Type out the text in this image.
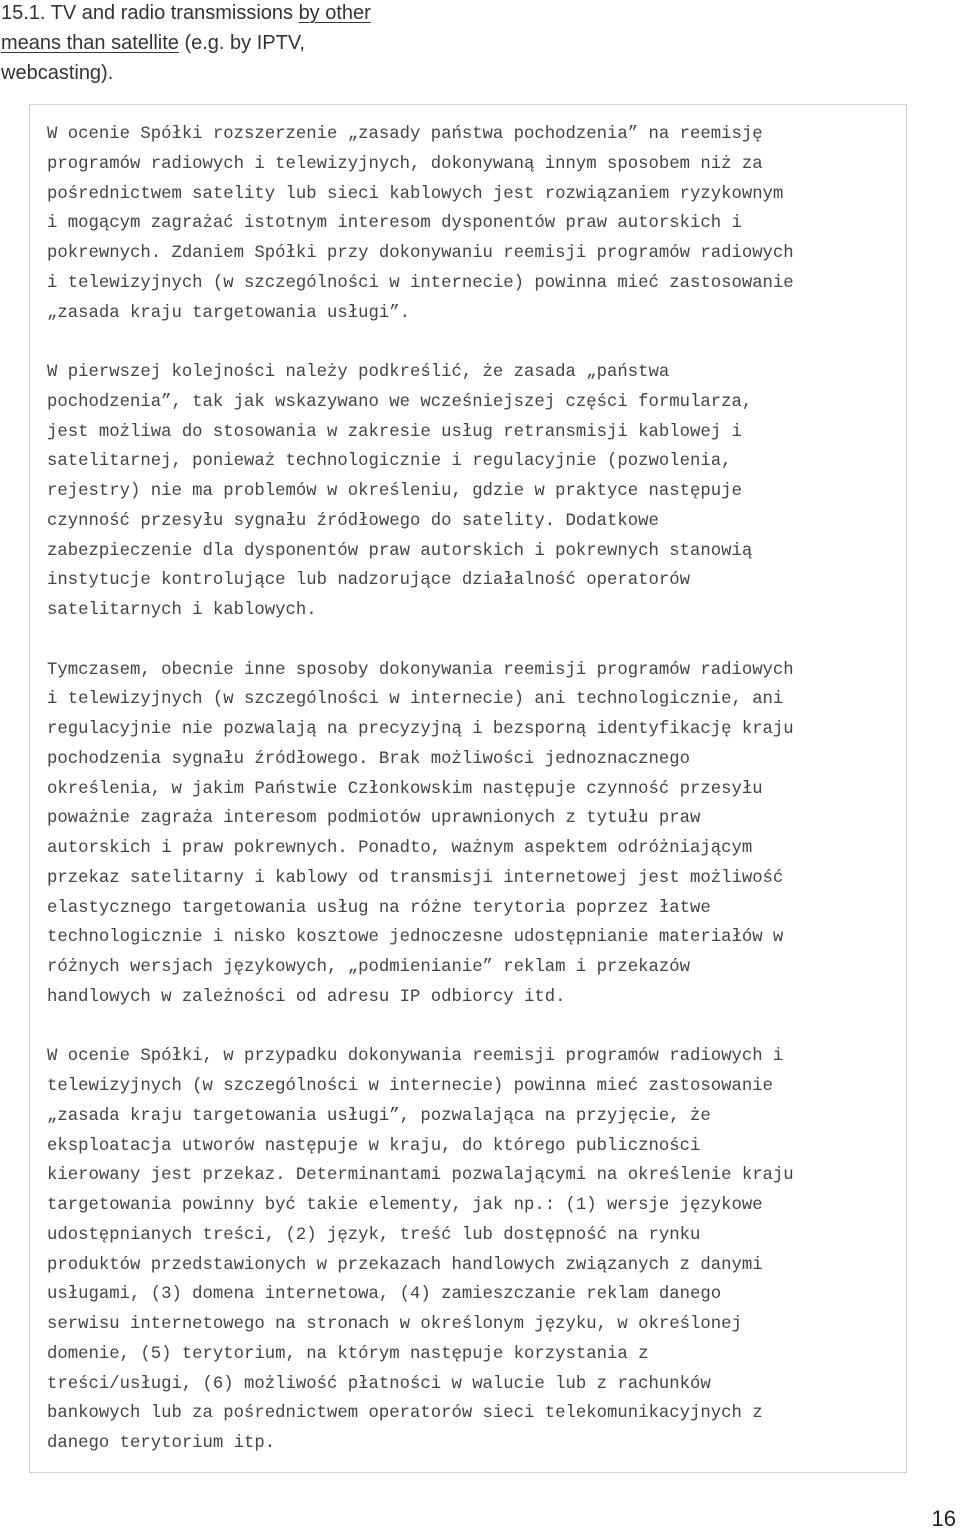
15.1. TV and radio transmissions by other
means than satellite (e.g. by IPTV,
webcasting).

W ocenie Spółki rozszerzenie „zasady państwa pochodzenia” na reemisję
programów radiowych i telewizyjnych, dokonywaną innym sposobem niż za
pośrednictwem satelity lub sieci kablowych jest rozwiązaniem ryzykownym
i mogącym zagrażać istotnym interesom dysponentów praw autorskich i
pokrewnych. Zdaniem Spółki przy dokonywaniu reemisji programów radiowych
i telewizyjnych (w szczególności w internecie) powinna mieć zastosowanie
„zasada kraju targetowania usługi”.

W pierwszej kolejności należy podkreślić, że zasada „państwa
pochodzenia”, tak jak wskazywano we wcześniejszej części formularza,
jest możliwa do stosowania w zakresie usług retransmisji kablowej i
satelitarnej, ponieważ technologicznie i regulacyjnie (pozwolenia,
rejestry) nie ma problemów w określeniu, gdzie w praktyce następuje
czynność przesyłu sygnału źródłowego do satelity. Dodatkowe
zabezpieczenie dla dysponentów praw autorskich i pokrewnych stanowią
instytucje kontrolujące lub nadzorujące działalność operatorów
satelitarnych i kablowych.

Tymczasem, obecnie inne sposoby dokonywania reemisji programów radiowych
i telewizyjnych (w szczególności w internecie) ani technologicznie, ani
regulacyjnie nie pozwalają na precyzyjną i bezsporną identyfikację kraju
pochodzenia sygnału źródłowego. Brak możliwości jednoznacznego
określenia, w jakim Państwie Członkowskim następuje czynność przesyłu
poważnie zagraża interesom podmiotów uprawnionych z tytułu praw
autorskich i praw pokrewnych. Ponadto, ważnym aspektem odróżniającym
przekaz satelitarny i kablowy od transmisji internetowej jest możliwość
elastycznego targetowania usług na różne terytoria poprzez łatwe
technologicznie i nisko kosztowe jednoczesne udostępnianie materiałów w
różnych wersjach językowych, „podmienianie” reklam i przekazów
handlowych w zależności od adresu IP odbiorcy itd.

W ocenie Spółki, w przypadku dokonywania reemisji programów radiowych i
telewizyjnych (w szczególności w internecie) powinna mieć zastosowanie
„zasada kraju targetowania usługi”, pozwalająca na przyjęcie, że
eksploatacja utworów następuje w kraju, do którego publiczności
kierowany jest przekaz. Determinantami pozwalającymi na określenie kraju
targetowania powinny być takie elementy, jak np.: (1) wersje językowe
udostępnianych treści, (2) język, treść lub dostępność na rynku
produktów przedstawionych w przekazach handlowych związanych z danymi
usługami, (3) domena internetowa, (4) zamieszczanie reklam danego
serwisu internetowego na stronach w określonym języku, w określonej
domenie, (5) terytorium, na którym następuje korzystania z
treści/usługi, (6) możliwość płatności w walucie lub z rachunków
bankowych lub za pośrednictwem operatorów sieci telekomunikacyjnych z
danego terytorium itp.

16
